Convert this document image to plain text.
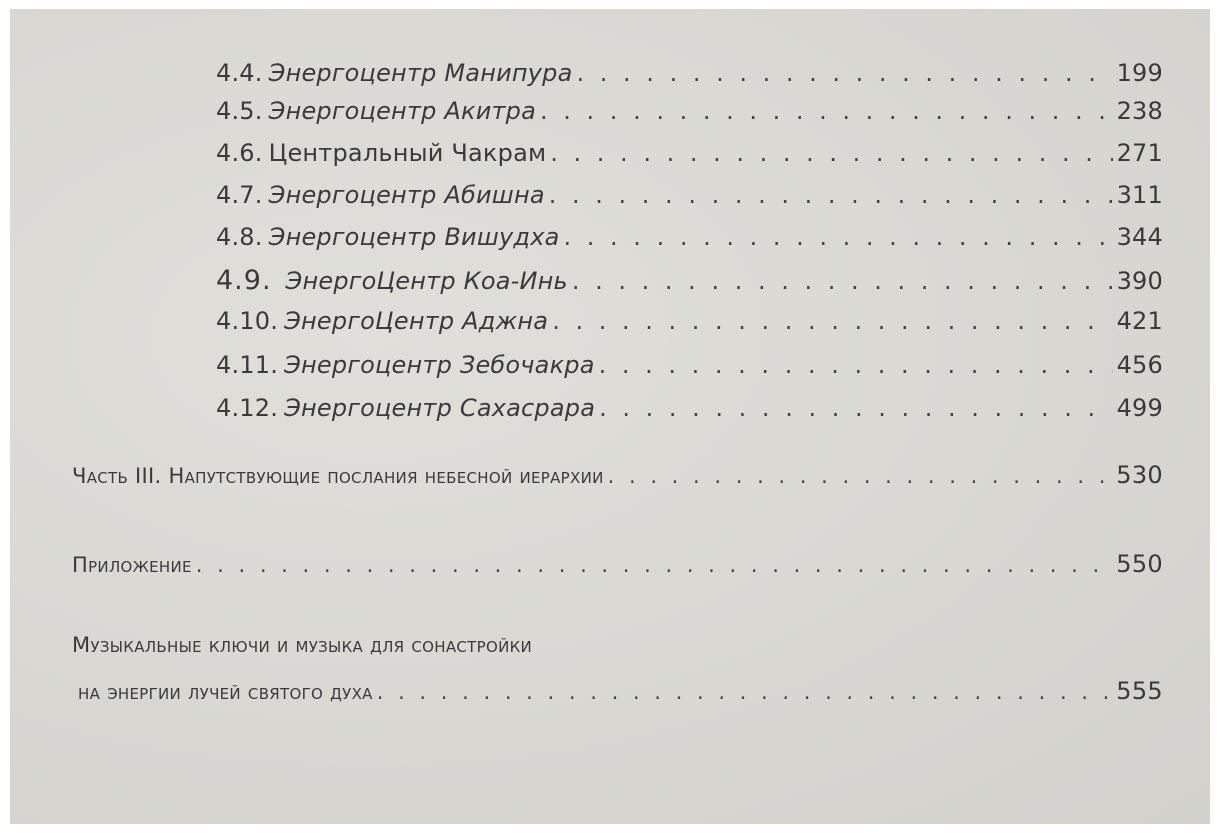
4.4. Энергоцентр Манипура . . .	199
4.5. Энергоцентр Акитра . . .	238
4.6. Центральный Чакрам . . .	271
4.7. Энергоцентр Абишна . . .	311
4.8. Энергоцентр Вишудха . . .	344
4.9. ЭнергоЦентр Коа-Инь . . .	390
4.10. ЭнергоЦентр Аджна . . .	421
4.11. Энергоцентр Зебочакра . . .	456
4.12. Энергоцентр Сахасрара . . .	499
Часть III. Напутствующие послания небесной иерархии . . .	530
Приложение . . .	550
Музыкальные ключи и музыка для сонастройки
на энергии лучей святого духа . . .	555
